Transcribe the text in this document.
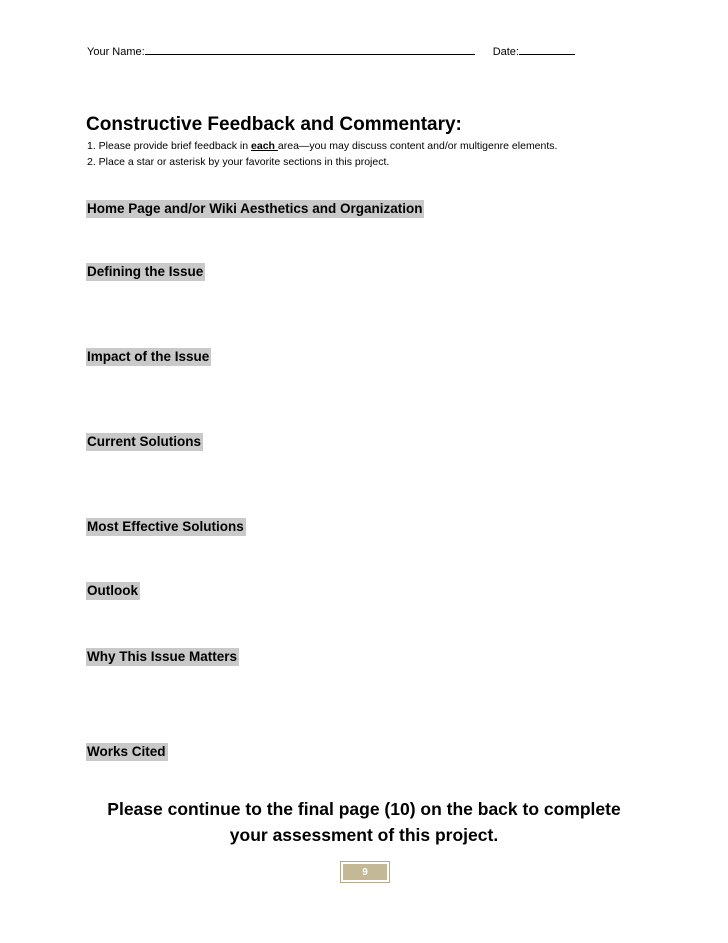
Your Name:	Date:
Constructive Feedback and Commentary:
1. Please provide brief feedback in each area—you may discuss content and/or multigenre elements.
2. Place a star or asterisk by your favorite sections in this project.
Home Page and/or Wiki Aesthetics and Organization
Defining the Issue
Impact of the Issue
Current Solutions
Most Effective Solutions
Outlook
Why This Issue Matters
Works Cited
Please continue to the final page (10) on the back to complete
your assessment of this project.
9
